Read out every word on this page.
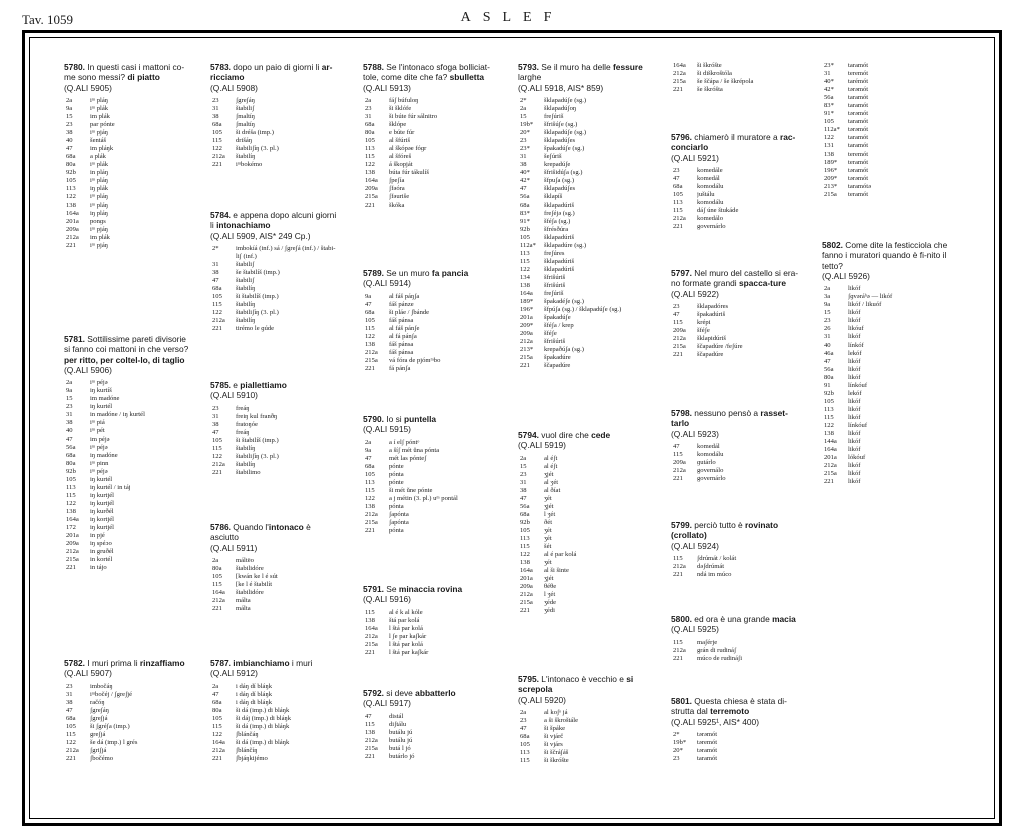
Tav. 1059	ASLEF
5780. In questi casi i mattoni co-me sono messi? di piatto
(Q.ALI 5905)
2a	iᵐ pláŋ
9a	iᵐ plák
15	im plák
23	par pónte
38	iᵐ pjáŋ
40	šentáš
47	im pláŋk
68a	a plák
80a	iᵐ plák
92b	in pláŋ
105	iᵐ pláŋ
113	iŋ plák
122	iᵐ pláŋ
138	iᵐ pláŋ
164a	iŋ pláŋ
201a	ponɡs
209a	iᵐ pjáŋ
212a	im plák
221	iᵐ pjáŋ
5781. Sottilissime pareti divisorie si fanno coi mattoni in che verso? per ritto, per coltel-lo, di taglio
(Q.ALI 5906)
2a	iᵐ péjə
9a	iŋ kurtíš
15	im madóne
23	iŋ kurtél
31	in madóne / iŋ kurtél
38	iᵐ piá
40	iᵐ pét
47	im péjə
56a	iᵐ péjə
68a	iŋ madóne
80a	iᵐ pinn
92b	iᵐ péjə
105	iŋ kurtél
113	iŋ kurtél / in táj
115	iŋ kurtjél
122	iŋ kurtjél
138	iŋ kurðél
164a	iŋ kortjél
172	iŋ kurtjél
201a	in pjé
209a	iŋ spéɔo
212a	in gruðél
215a	in kortél
221	in tájo
5782. I muri prima li rinzaffiamo
(Q.ALI 5907)
23	imbočáŋ
31	iᵐbočéj / ʃgreʃjé
38	račóŋ
47	ʃgreʃáŋ
68a	ʃgreʃjá
105	ši ʃgréʃa (imp.)
115	greʃjá
122	še dá (imp.) l grés
212a	ʃgriʃjá
221	ʃbočémo
5783. dopo un paio di giorni li ar-ricciamo
(Q.ALI 5908)
23	ʃgreʃáŋ
31	štabiliʃ
38	ʃmaltíŋ
68a	ʃmaltíŋ
105	ši dréša (imp.)
115	drišáŋ
122	štabiliʃíŋ (3. pl.)
212a	štabilíŋ
221	iᵐbokémo
5784. e appena dopo alcuni giorni li intonachiamo
(Q.ALI 5909, AIS* 249 Cp.)
2*	imbokíá (inf.) sá / ʃgreʃá (inf.) / štabi-
liʃ (inf.)
31	štabiliʃ
38	še štabilíš (imp.)
47	štabiliʃ
68a	štabilíŋ
105	ši štabilíš (imp.)
115	štabilíŋ
122	štabiliʃíŋ (3. pl.)
212a	štabilíŋ
221	tirémo le ɡúde
5785. e piallettiamo
(Q.ALI 5910)
23	freáŋ
31	freiŋ kul franðŋ
38	fratoŋóe
47	freáŋ
105	ši štabilíš (imp.)
115	štabilíŋ
122	štabiliʃíŋ (3. pl.)
212a	štabilíŋ
221	štabilimo
5786. Quando l'intonaco è asciutto
(Q.ALI 5911)
2a	máltëo
80a	štabilidóre
105	[kwán ke l é sút
115	[ke l é štabilít
164a	štabilidóre
212a	málta
221	málta
5787. imbianchiamo i muri
(Q.ALI 5912)
2a	i dáŋ dí bláŋk
47	i dáŋ dí bláŋk
68a	i dáŋ di bláŋk
80a	ši dá (imp.) di bláŋk
105	ši dáj (imp.) di bláŋk
115	ši dá (imp.) di bláŋk
122	ʃblánčáŋ
164a	ši dá (imp.) di bláŋk
212a	ʃblánčíŋ
221	ʃbjáŋkijémo
5788. Se l'intonaco sfoga bolliciat-tole, come dite che fa? sbulletta
(Q.ALI 5913)
2a	fáʃ búfuloŋ
23	ši šklófe
31	ši búte fúr sálnitro
68a	šklópe
80a	e búte fúr
105	al šfúriš
113	al škópəe fóɡr
115	al šfóreš
122	á škopját
138	búta fúr tákulíš
164a	ʃpeʃía
209a	ʃfəóra
215a	ʃfəuriše
221	škóka
5789. Se un muro fa pancia
(Q.ALI 5914)
9a	al fáš páŋʃa
47	fáš pánze
68a	ši pláe / ʃbánde
105	fáš pánsa
115	al fáš pánʃe
122	al fá pánʃa
138	fáš pánsa
212a	fáš pánsa
215a	vá fóra de pjómᵐbo
221	fá pánʃa
5790. Io si puntella
(Q.ALI 5915)
2a	a í elʃ póntᵒ
9a	a šíʃ mét ŭna pónta
47	mét las pónteʃ
68a	pónte
105	pónta
113	pónte
115	ši mét ŭne pónte
122	a j métin (3. pl.) uᵐ pontál
138	pónta
212a	ʃapónta
215a	ʃapónta
221	pónta
5791. Se minaccia rovina
(Q.ALI 5916)
115	al é k al kóle
138	štá par kolá
164a	l štá par kolá
212a	l ʃe par kaʃkár
215a	l štá par kolá
221	l štá par kaʃkár
5792. si deve abbatterlo
(Q.ALI 5917)
47	distál
115	diʃtálu
138	butálu jú
212a	butálu jú
215a	butá l jó
221	butárlo jó
5793. Se il muro ha delle fessure larghe
(Q.ALI 5918, AIS* 859)
2*	šklapadúʃe (sg.)
2a	šklapadúʃoŋ
15	freʃúriš
19b*	šfrišúʃe (sg.)
20*	šklapadúʃe (sg.)
23	šklapadúʃes
23*	špakadúʃe (sg.)
31	šeʃúriš
38	krepadúʃe
40*	šfrišidúʃa (sg.)
42*	šfpuʃa (sg.)
47	šklapadúʃes
56a	šklapíš
68a	šklapadúriš
83*	freʃéjə (sg.)
91*	šféʃa (sg.)
92b	šfrésðúra
105	šklapadúriš
112a*	šklapadúre (sg.)
113	freʃúres
115	šklapadúriš
122	šklapadúriš
134	šfrišúriš
138	šfrišúriš
164a	freʃúriš
189*	špakadéʃe (sg.)
196*	šfpúʃa (sg.) / šklapadúʃe (sg.)
201a	špakadúʃe
209*	šféʃa / krep
209a	šféʃe
212a	šfrišúriš
213*	krepaðúʃa (sg.)
215a	špakadúre
221	ščapadúre
5794. vuol dire che cede
(Q.ALI 5919)
2a	al éʃt
15	al éʃt
23	ʒjét
31	al ʒét
38	al ðíat
47	ʒét
56a	ʒjét
68a	l ʒét
92b	ðét
105	ʒét
113	ʒét
115	šét
122	al é par kolá
138	ʒét
164a	al ši šinte
201a	ʒjét
209a	θéθe
212a	l ʒét
215a	ʒéde
221	ʒédi
5795. L'intonaco è vecchio e si screpola
(Q.ALI 5920)
2a	al koʃᵒ já
23	a ši škroštále
47	ši špáke
68a	ši vjárč
105	ši vjárs
113	ši ščráʃáš
115	ši škróšte
164a	ši škróšte
212a	ši diškroštóla
215a	še ščápa / še škrépola
221	še škróšta
5796. chiamerò il muratore a rac-conciarlo
(Q.ALI 5921)
23	komedále
47	komedál
68a	komodálu
105	juštálu
113	komodálu
115	dáʃ úne štukáde
212a	komedálo
221	governárlo
5797. Nel muro del castello si era-no formate grandi spacca-ture
(Q.ALI 5922)
23	šklapadóres
47	špakadúriš
115	krépi
209a	šféʃe
212a	šklapidúriš
215a	ščapadúre /feʃúre
221	ščapadúre
5798. nessuno pensò a rasset-tarlo
(Q.ALI 5923)
47	komedál
115	komodálu
209a	ɡutárlo
212a	governálo
221	governárlo
5799. perciò tutto è rovinato (crollato)
(Q.ALI 5924)
115	ʃdrúmát / kolát
212a	dəʃdrúmát
221	ndá im múco
5800. ed ora è una grande macia
(Q.ALI 5925)
115	maʃérje
212a	grán di rudináʃ
221	múco de rudináʃi
5801. Questa chiesa è stata di-strutta dal terremoto
(Q.ALI 5925¹, AIS* 400)
2*	tərəmót
19b*	təremót
20*	təramót
23	taramót
23*	taramót
31	teremót
40*	tarémót
42*	tərəmót
56a	taramót
83*	taramót
91*	tərəmót
105	taramót
112a*	tərəmót
122	taramót
131	taramót
138	teremót
189*	teramót
196*	təramót
209*	tərəmót
213*	taramótə
215a	teramót
5802. Come dite la festicciola che fanno i muratori quando è fi-nito il tetto?
(Q.ALI 5926)
2a	likóf
3a	ʃɡvəráᵇə — likóf
9a	likóf / likuóf
15	likóf
23	likóf
26	likóuf
31	likóf
40	línkóf
46a	lekóf
47	likóf
56a	likóf
80a	likóf
91	línkóuf
92b	lekóf
105	likóf
113	likóf
115	likóf
122	línkóuf
138	likóf
144a	likóf
164a	likóf
201a	lókóuf
212a	likóf
215a	likóf
221	likóf
